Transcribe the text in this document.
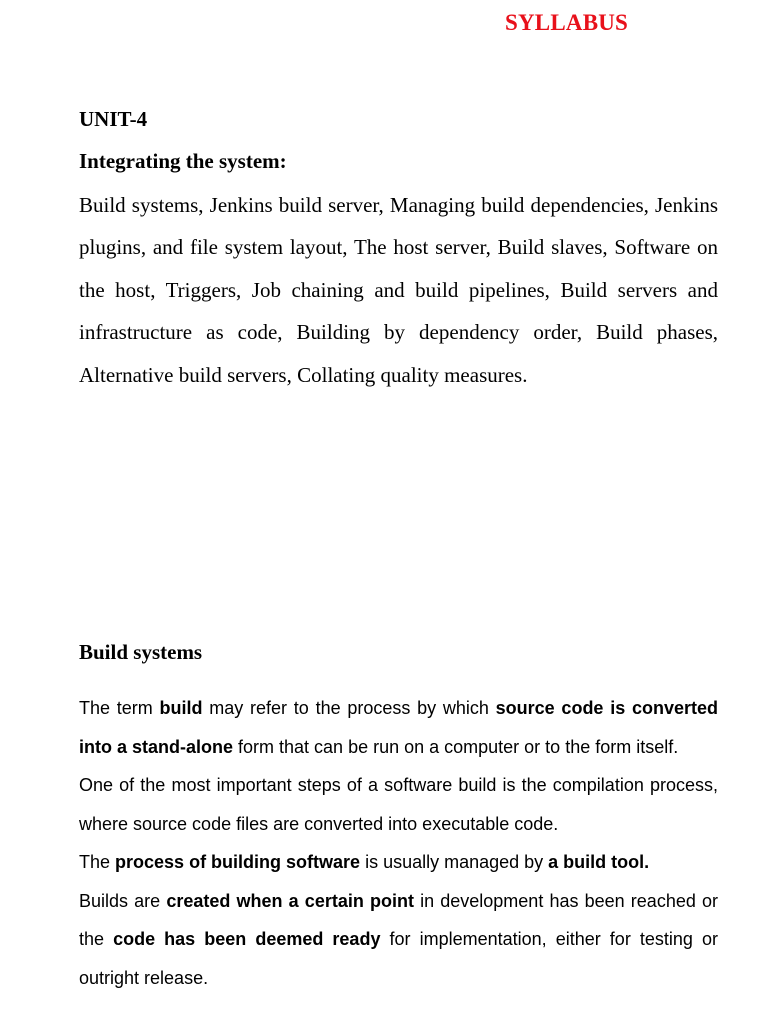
SYLLABUS
UNIT-4
Integrating the system:

Build systems, Jenkins build server, Managing build dependencies, Jenkins plugins, and file system layout, The host server, Build slaves, Software on the host, Triggers, Job chaining and build pipelines, Build servers and infrastructure as code, Building by dependency order, Build phases, Alternative build servers, Collating quality measures.

Build systems

The term build may refer to the process by which source code is converted into a stand-alone form that can be run on a computer or to the form itself.

One of the most important steps of a software build is the compilation process, where source code files are converted into executable code.

The process of building software is usually managed by a build tool.

Builds are created when a certain point in development has been reached or the code has been deemed ready for implementation, either for testing or outright release.
